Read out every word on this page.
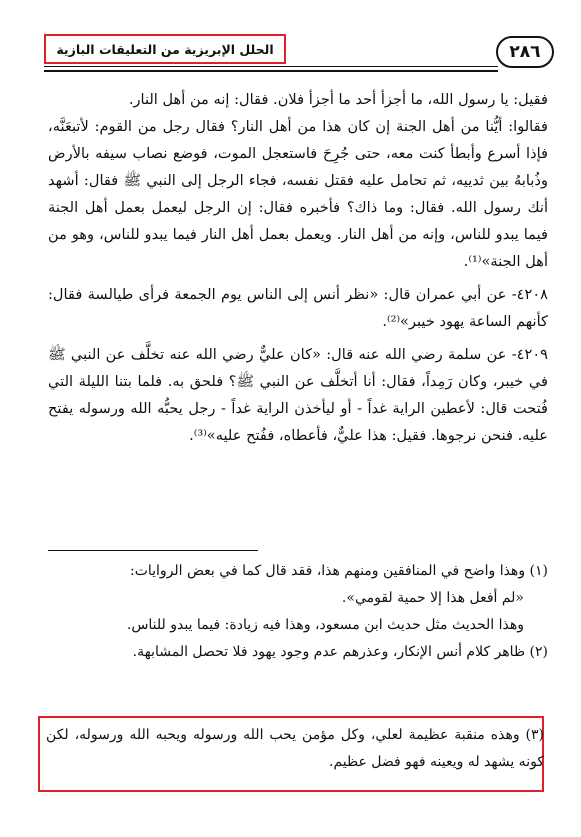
الحلل الإبريزية من التعليقات البازية	٢٨٦

فقيل: يا رسول الله، ما أجزأ أحد ما أجزأ فلان. فقال: إنه من أهل النار.

فقالوا: أيُّنا من أهل الجنة إن كان هذا من أهل النار؟ فقال رجل من القوم: لأتبعَنَّه، فإذا أسرع وأبطأ كنت معه، حتى جُرِحَ فاستعجل الموت، فوضع نصاب سيفه بالأرض وذُبابهُ بين ثدييه، ثم تحامل عليه فقتل نفسه، فجاء الرجل إلى النبي ﷺ فقال: أشهد أنك رسول الله. فقال: وما ذاك؟ فأخبره فقال: إن الرجل ليعمل بعمل أهل الجنة فيما يبدو للناس، وإنه من أهل النار. ويعمل بعمل أهل النار فيما يبدو للناس، وهو من أهل الجنة»⁽¹⁾.

٤٢٠٨- عن أبي عمران قال: «نظر أنس إلى الناس يوم الجمعة فرأى طيالسة فقال: كأنهم الساعة يهود خيبر»⁽²⁾.

٤٢٠٩- عن سلمة رضي الله عنه قال: «كان عليٌّ رضي الله عنه تخلَّف عن النبي ﷺ في خيبر، وكان رَمِداً، فقال: أنا أتخلَّف عن النبي ﷺ؟ فلحق به. فلما بتنا الليلة التي فُتحت قال: لأعطين الراية غداً - أو ليأخذن الراية غداً - رجل يحبُّه الله ورسوله يفتح عليه. فنحن نرجوها. فقيل: هذا عليٌّ، فأعطاه، ففُتح عليه»⁽³⁾.

(١) وهذا واضح في المنافقين ومنهم هذا، فقد قال كما في بعض الروايات:

«لم أفعل هذا إلا حمية لقومي».

وهذا الحديث مثل حديث ابن مسعود، وهذا فيه زيادة: فيما يبدو للناس.

(٢) ظاهر كلام أنس الإنكار، وعذرهم عدم وجود يهود فلا تحصل المشابهة.

(٣) وهذه منقبة عظيمة لعلي، وكل مؤمن يحب الله ورسوله ويحبه الله ورسوله، لكن كونه يشهد له ويعينه فهو فضل عظيم.
